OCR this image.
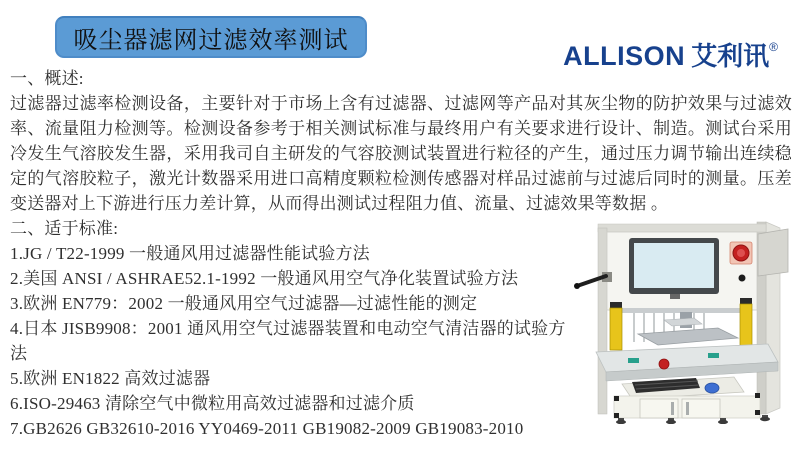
吸尘器滤网过滤效率测试
ALLISON 艾利讯®
一、概述:
过滤器过滤率检测设备，主要针对于市场上含有过滤器、过滤网等产品对其灰尘物的防护效果与过滤效率、流量阻力检测等。检测设备参考于相关测试标准与最终用户有关要求进行设计、制造。测试台采用冷发生气溶胶发生器，采用我司自主研发的气容胶测试装置进行粒径的产生，通过压力调节输出连续稳定的气溶胶粒子，激光计数器采用进口高精度颗粒检测传感器对样品过滤前与过滤后同时的测量。压差变送器对上下游进行压力差计算，从而得出测试过程阻力值、流量、过滤效果等数据 。
二、适于标准:
1.JG / T22-1999 一般通风用过滤器性能试验方法
2.美国 ANSI / ASHRAE52.1-1992 一般通风用空气净化装置试验方法
3.欧洲 EN779：2002 一般通风用空气过滤器—过滤性能的测定
4.日本 JISB9908：2001 通风用空气过滤器装置和电动空气清洁器的试验方法
5.欧洲 EN1822 高效过滤器
6.ISO-29463 清除空气中微粒用高效过滤器和过滤介质
7.GB2626 GB32610-2016 YY0469-2011 GB19082-2009 GB19083-2010
